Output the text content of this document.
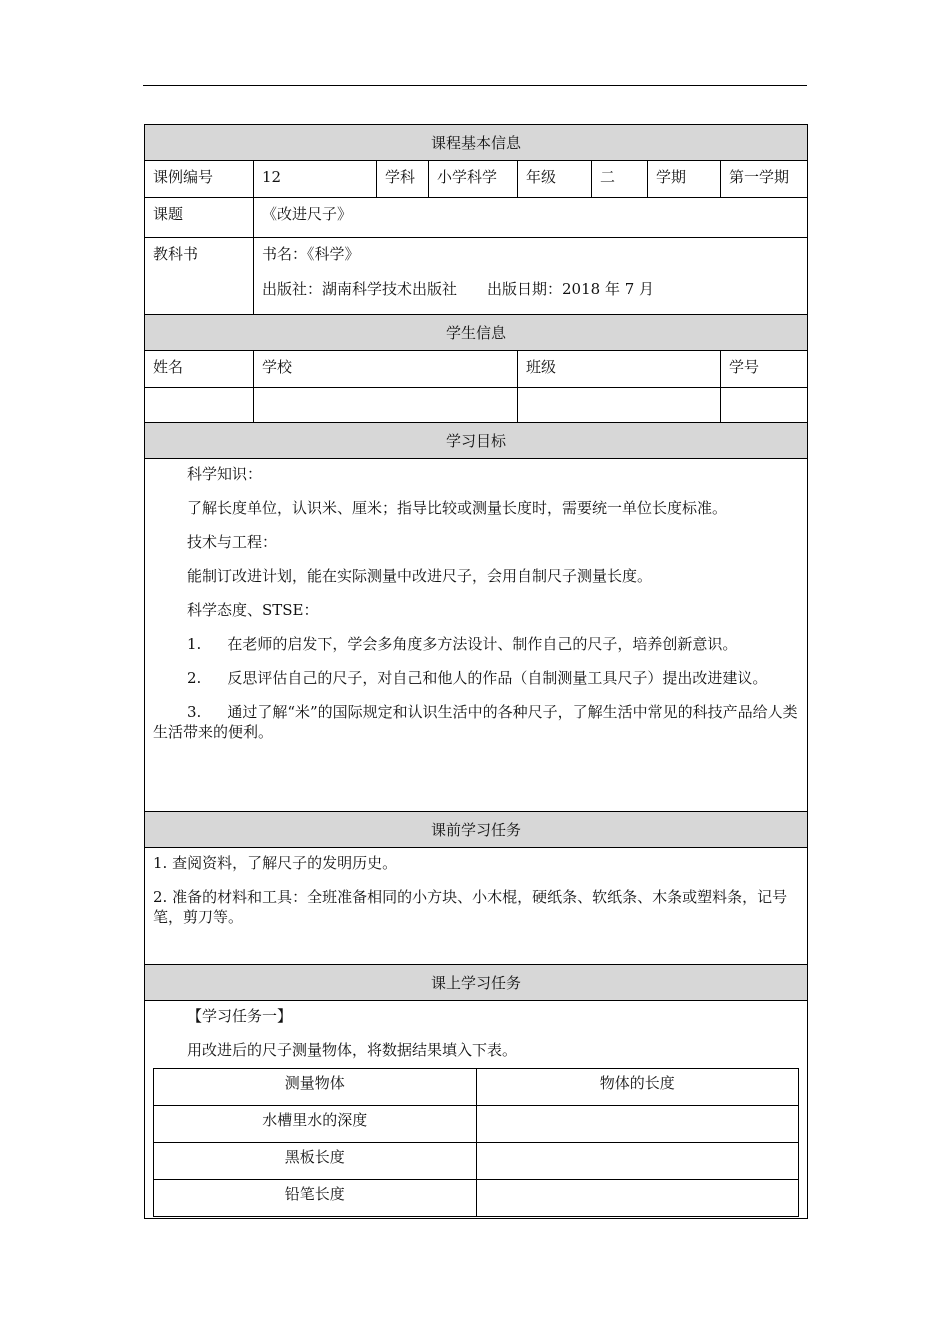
课程基本信息
课例编号	12	学科	小学科学	年级	二	学期	第一学期
课题	《改进尺子》
教科书	书名：《科学》

出版社：湖南科学技术出版社　　出版日期：2018 年 7 月

学生信息
姓名	学校	班级	学号

学习目标

科学知识：

了解长度单位，认识米、厘米；指导比较或测量长度时，需要统一单位长度标准。

技术与工程：

能制订改进计划，能在实际测量中改进尺子，会用自制尺子测量长度。

科学态度、STSE：

1. 在老师的启发下，学会多角度多方法设计、制作自己的尺子，培养创新意识。

2. 反思评估自己的尺子，对自己和他人的作品（自制测量工具尺子）提出改进建议。

3. 通过了解“米”的国际规定和认识生活中的各种尺子，了解生活中常见的科技产品给人类生活带来的便利。

课前学习任务

1. 查阅资料，了解尺子的发明历史。

2. 准备的材料和工具：全班准备相同的小方块、小木棍，硬纸条、软纸条、木条或塑料条，记号笔，剪刀等。

课上学习任务

【学习任务一】

用改进后的尺子测量物体，将数据结果填入下表。

测量物体	物体的长度
水槽里水的深度	
黑板长度	
铅笔长度	
